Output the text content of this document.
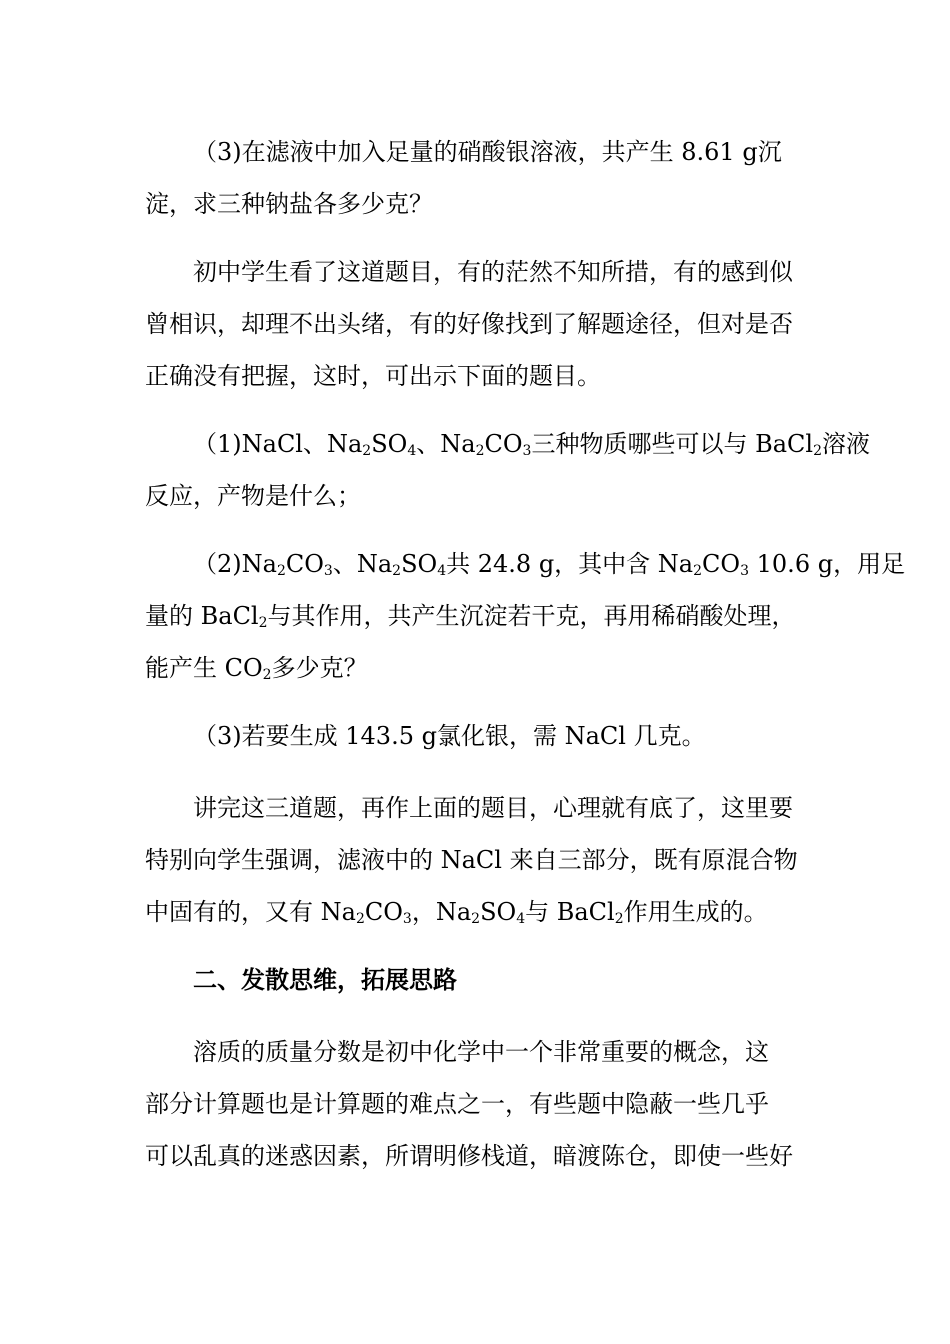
（3)在滤液中加入足量的硝酸银溶液，共产生 8.61 g沉
淀，求三种钠盐各多少克？

初中学生看了这道题目，有的茫然不知所措，有的感到似
曾相识，却理不出头绪，有的好像找到了解题途径，但对是否
正确没有把握，这时，可出示下面的题目。

（1)NaCl、$Na_2SO_4$、$Na_2CO_3$三种物质哪些可以与 BaCl$_2$溶液
反应，产物是什么；

$(2)Na_2CO_3$、$Na_2SO_4$共 24.8 g，其中含 $Na_2CO_3$ 10.6 g，用足
量的 BaCl$_2$与其作用，共产生沉淀若干克，再用稀硝酸处理，
能产生 $CO_2$多少克？

（3)若要生成 143.5 g氯化银，需 NaCl 几克。

讲完这三道题，再作上面的题目，心理就有底了，这里要
特别向学生强调，滤液中的 NaCl 来自三部分，既有原混合物
中固有的，又有 $Na_2CO_3$，$Na_2SO_4$与 BaCl$_2$作用生成的。

二、发散思维，拓展思路

溶质的质量分数是初中化学中一个非常重要的概念，这
部分计算题也是计算题的难点之一，有些题中隐蔽一些几乎
可以乱真的迷惑因素，所谓明修栈道，暗渡陈仓，即使一些好
